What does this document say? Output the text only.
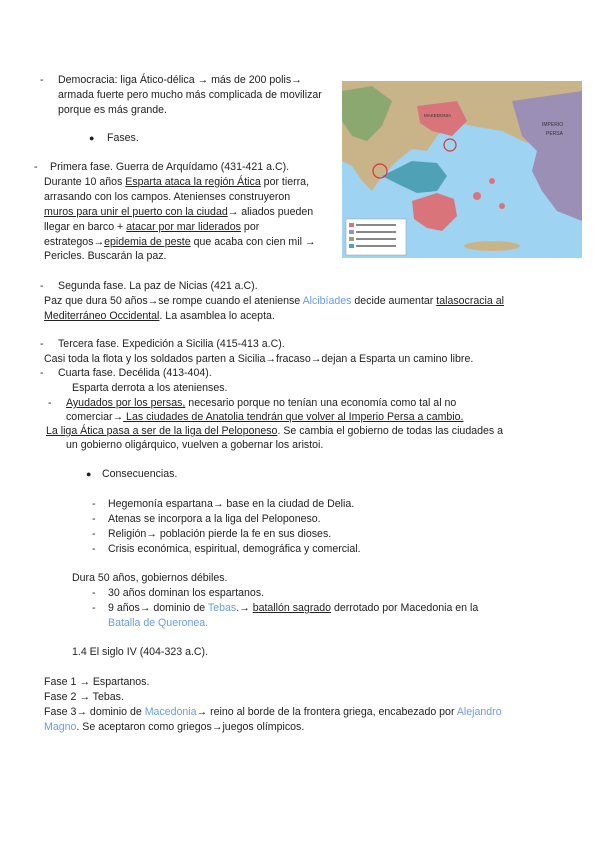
- Democracia: liga Ático-délica → más de 200 polis→
armada fuerte pero mucho más complicada de movilizar
porque es más grande.
● Fases.
MAKEDONIA
IMPERIO
PERSA
- Primera fase. Guerra de Arquídamo (431-421 a.C).
Durante 10 años Esparta ataca la región Ática por tierra,
arrasando con los campos. Atenienses construyeron
muros para unir el puerto con la ciudad→ aliados pueden
llegar en barco + atacar por mar liderados por
estrategos→epidemia de peste que acaba con cien mil →
Pericles. Buscarán la paz.
- Segunda fase. La paz de Nicias (421 a.C).
Paz que dura 50 años→se rompe cuando el ateniense Alcibíades decide aumentar talasocracia al
Mediterráneo Occidental. La asamblea lo acepta.
- Tercera fase. Expedición a Sicilia (415-413 a.C).
Casi toda la flota y los soldados parten a Sicilia→fracaso→dejan a Esparta un camino libre.
- Cuarta fase. Decélida (413-404).
Esparta derrota a los atenienses.
- Ayudados por los persas, necesario porque no tenían una economía como tal al no
comerciar→ Las ciudades de Anatolia tendrán que volver al Imperio Persa a cambio.
La liga Ática pasa a ser de la liga del Peloponeso. Se cambia el gobierno de todas las ciudades a
un gobierno oligárquico, vuelven a gobernar los aristoi.
● Consecuencias.
- Hegemonía espartana→ base en la ciudad de Delia.
- Atenas se incorpora a la liga del Peloponeso.
- Religión→ población pierde la fe en sus dioses.
- Crisis económica, espiritual, demográfica y comercial.
Dura 50 años, gobiernos débiles.
- 30 años dominan los espartanos.
- 9 años→ dominio de Tebas.→ batallón sagrado derrotado por Macedonia en la
Batalla de Queronea.
1.4 El siglo IV (404-323 a.C).
Fase 1 → Espartanos.
Fase 2 → Tebas.
Fase 3→ dominio de Macedonia→ reino al borde de la frontera griega, encabezado por Alejandro
Magno. Se aceptaron como griegos→juegos olímpicos.
